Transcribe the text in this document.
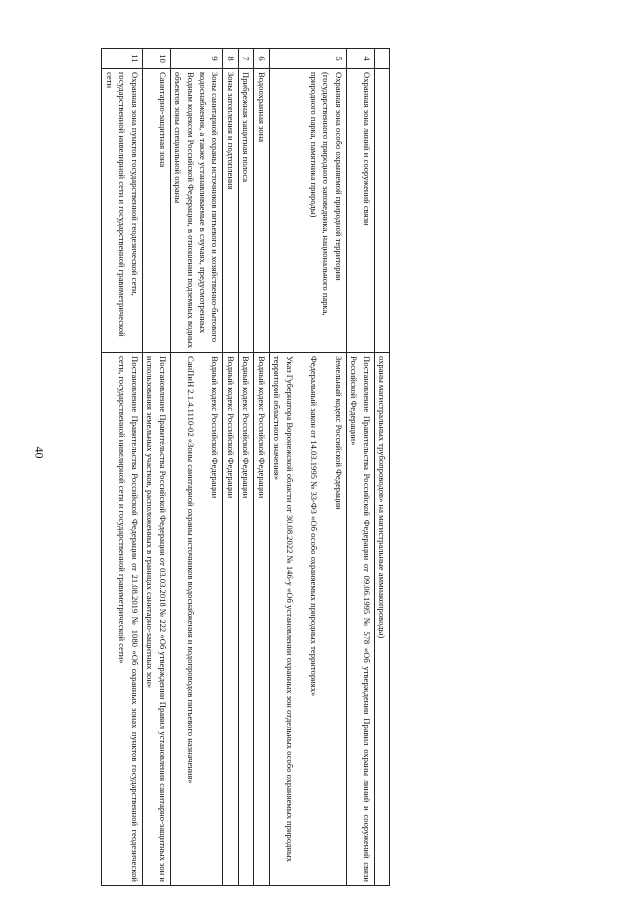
40
			охраны магистральных трубопроводов» на магистральные аммиакопроводы)
4	Охранная зона линий и сооружений связи	Постановление Правительства Российской Федерации от 09.06.1995 № 578 «Об утверждении Правил охраны линий и сооружений связи Российской Федерации»
5	Охранная зона особо охраняемой природной территории (государственного природного заповедника, национального парка, природного парка, памятника природы)	Земельный кодекс Российской Федерации
Федеральный закон от 14.03.1995 № 33-ФЗ «Об особо охраняемых природных территориях»
Указ Губернатора Воронежской области от 30.08.2022 № 146-у «Об установлении охранных зон отдельных особо охраняемых природных территорий областного значения»
6	Водоохранная зона	Водный кодекс Российской Федерации
7	Прибрежная защитная полоса	Водный кодекс Российской Федерации
8	Зоны затопления и подтопления	Водный кодекс Российской Федерации
9	Зоны санитарной охраны источников питьевого и хозяйственно-бытового водоснабжения, а также устанавливаемые в случаях, предусмотренных Водным кодексом Российской Федерации, в отношении подземных водных объектов зоны специальной охраны	Водный кодекс Российской Федерации
СанПиН 2.1.4.1110-02 «Зоны санитарной охраны источников водоснабжения и водопроводов питьевого назначения»
10	Санитарно-защитная зона	Постановление Правительства Российской Федерации от 03.03.2018 № 222 «Об утверждении Правил установления санитарно-защитных зон и использования земельных участков, расположенных в границах санитарно-защитных зон»
11	Охранная зона пунктов государственной геодезической сети, государственной нивелирной сети и государственной гравиметрической сети	Постановление Правительства Российской Федерации от 21.08.2019 № 1080 «Об охранных зонах пунктов государственной геодезической сети, государственной нивелирной сети и государственной гравиметрической сети»
